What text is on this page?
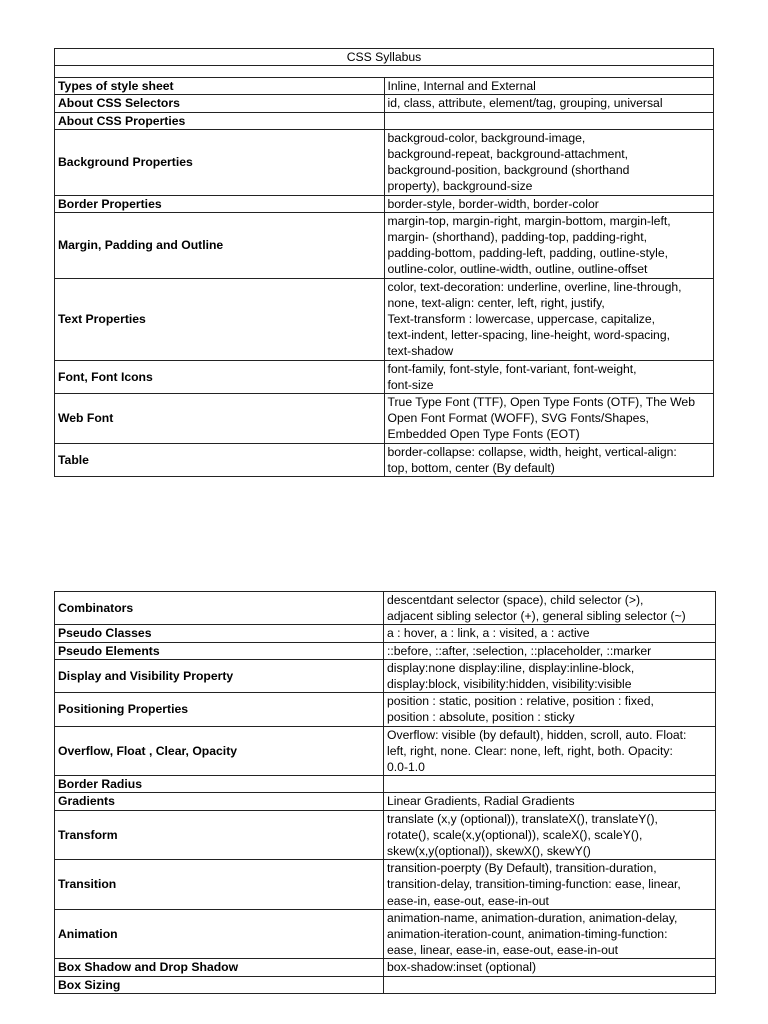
CSS Syllabus	

Types of style sheet	Inline, Internal and External
About CSS Selectors	id, class, attribute, element/tag, grouping, universal
About CSS Properties	
Background Properties	backgroud-color, background-image,
background-repeat, background-attachment,
background-position, background (shorthand
property), background-size
Border Properties	border-style, border-width, border-color
Margin, Padding and Outline	margin-top, margin-right, margin-bottom, margin-left,
margin- (shorthand), padding-top, padding-right,
padding-bottom, padding-left, padding, outline-style,
outline-color, outline-width, outline, outline-offset
Text Properties	color, text-decoration: underline, overline, line-through,
none, text-align: center, left, right, justify,
Text-transform : lowercase, uppercase, capitalize,
text-indent, letter-spacing, line-height, word-spacing,
text-shadow
Font, Font Icons	font-family, font-style, font-variant, font-weight,
font-size
Web Font	True Type Font (TTF), Open Type Fonts (OTF), The Web
Open Font Format (WOFF), SVG Fonts/Shapes,
Embedded Open Type Fonts (EOT)
Table	border-collapse: collapse, width, height, vertical-align:
top, bottom, center (By default)
Combinators	descentdant selector (space), child selector (>),
adjacent sibling selector (+), general sibling selector (~)
Pseudo Classes	a : hover, a : link, a : visited, a : active
Pseudo Elements	::before, ::after, :selection, ::placeholder, ::marker
Display and Visibility Property	display:none display:iline, display:inline-block,
display:block, visibility:hidden, visibility:visible
Positioning Properties	position : static, position : relative, position : fixed,
position : absolute, position : sticky
Overflow, Float , Clear, Opacity	Overflow: visible (by default), hidden, scroll, auto. Float:
left, right, none. Clear: none, left, right, both. Opacity:
0.0-1.0
Border Radius	
Gradients	Linear Gradients, Radial Gradients
Transform	translate (x,y (optional)), translateX(), translateY(),
rotate(), scale(x,y(optional)), scaleX(), scaleY(),
skew(x,y(optional)), skewX(), skewY()
Transition	transition-poerpty (By Default), transition-duration,
transition-delay, transition-timing-function: ease, linear,
ease-in, ease-out, ease-in-out
Animation	animation-name, animation-duration, animation-delay,
animation-iteration-count, animation-timing-function:
ease, linear, ease-in, ease-out, ease-in-out
Box Shadow and Drop Shadow	box-shadow:inset (optional)
Box Sizing	
